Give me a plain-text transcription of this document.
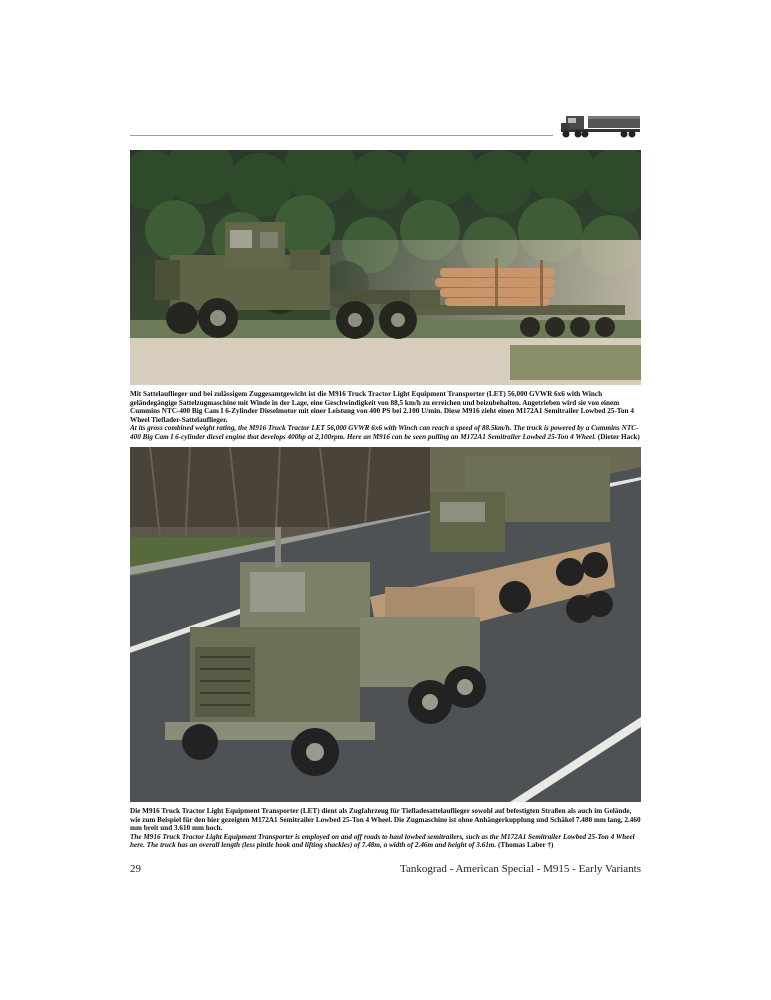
Mit Sattelauflieger und bei zulässigem Zuggesamtgewicht ist die M916 Truck Tractor Light Equipment Transporter (LET) 56,000 GVWR 6x6 with Winch geländegängige Sattelzugmaschine mit Winde in der Lage, eine Geschwindigkeit von 88,5 km/h zu erreichen und beizubehalten. Angetrieben wird sie von einem Cummins NTC-400 Big Cam I 6-Zylinder Dieselmotor mit einer Leistung von 400 PS bei 2.100 U/min. Diese M916 zieht einen M172A1 Semitrailer Lowbed 25-Ton 4 Wheel Tieflader-Sattelauflieger.
At its gross combined weight rating, the M916 Truck Tractor LET 56,000 GVWR 6x6 with Winch can reach a speed of 88.5km/h. The truck is powered by a Cummins NTC-400 Big Cam I 6-cylinder diesel engine that develops 400hp at 2,100rpm. Here an M916 can be seen pulling an M172A1 Semitrailer Lowbed 25-Ton 4 Wheel. (Dieter Hack)
Die M916 Truck Tractor Light Equipment Transporter (LET) dient als Zugfahrzeug für Tiefladesattelauflieger sowohl auf befestigten Straßen als auch im Gelände, wie zum Beispiel für den hier gezeigten M172A1 Semitrailer Lowbed 25-Ton 4 Wheel. Die Zugmaschine ist ohne Anhängerkupplung und Schäkel 7.480 mm lang, 2.460 mm breit und 3.610 mm hoch.
The M916 Truck Tractor Light Equipment Transporter is employed on and off roads to haul lowbed semitrailers, such as the M172A1 Semitrailer Lowbed 25-Ton 4 Wheel here. The truck has an overall length (less pintle hook and lifting shackles) of 7.48m, a width of 2.46m and height of 3.61m. (Thomas Laber †)
29	Tankograd - American Special - M915 - Early Variants
